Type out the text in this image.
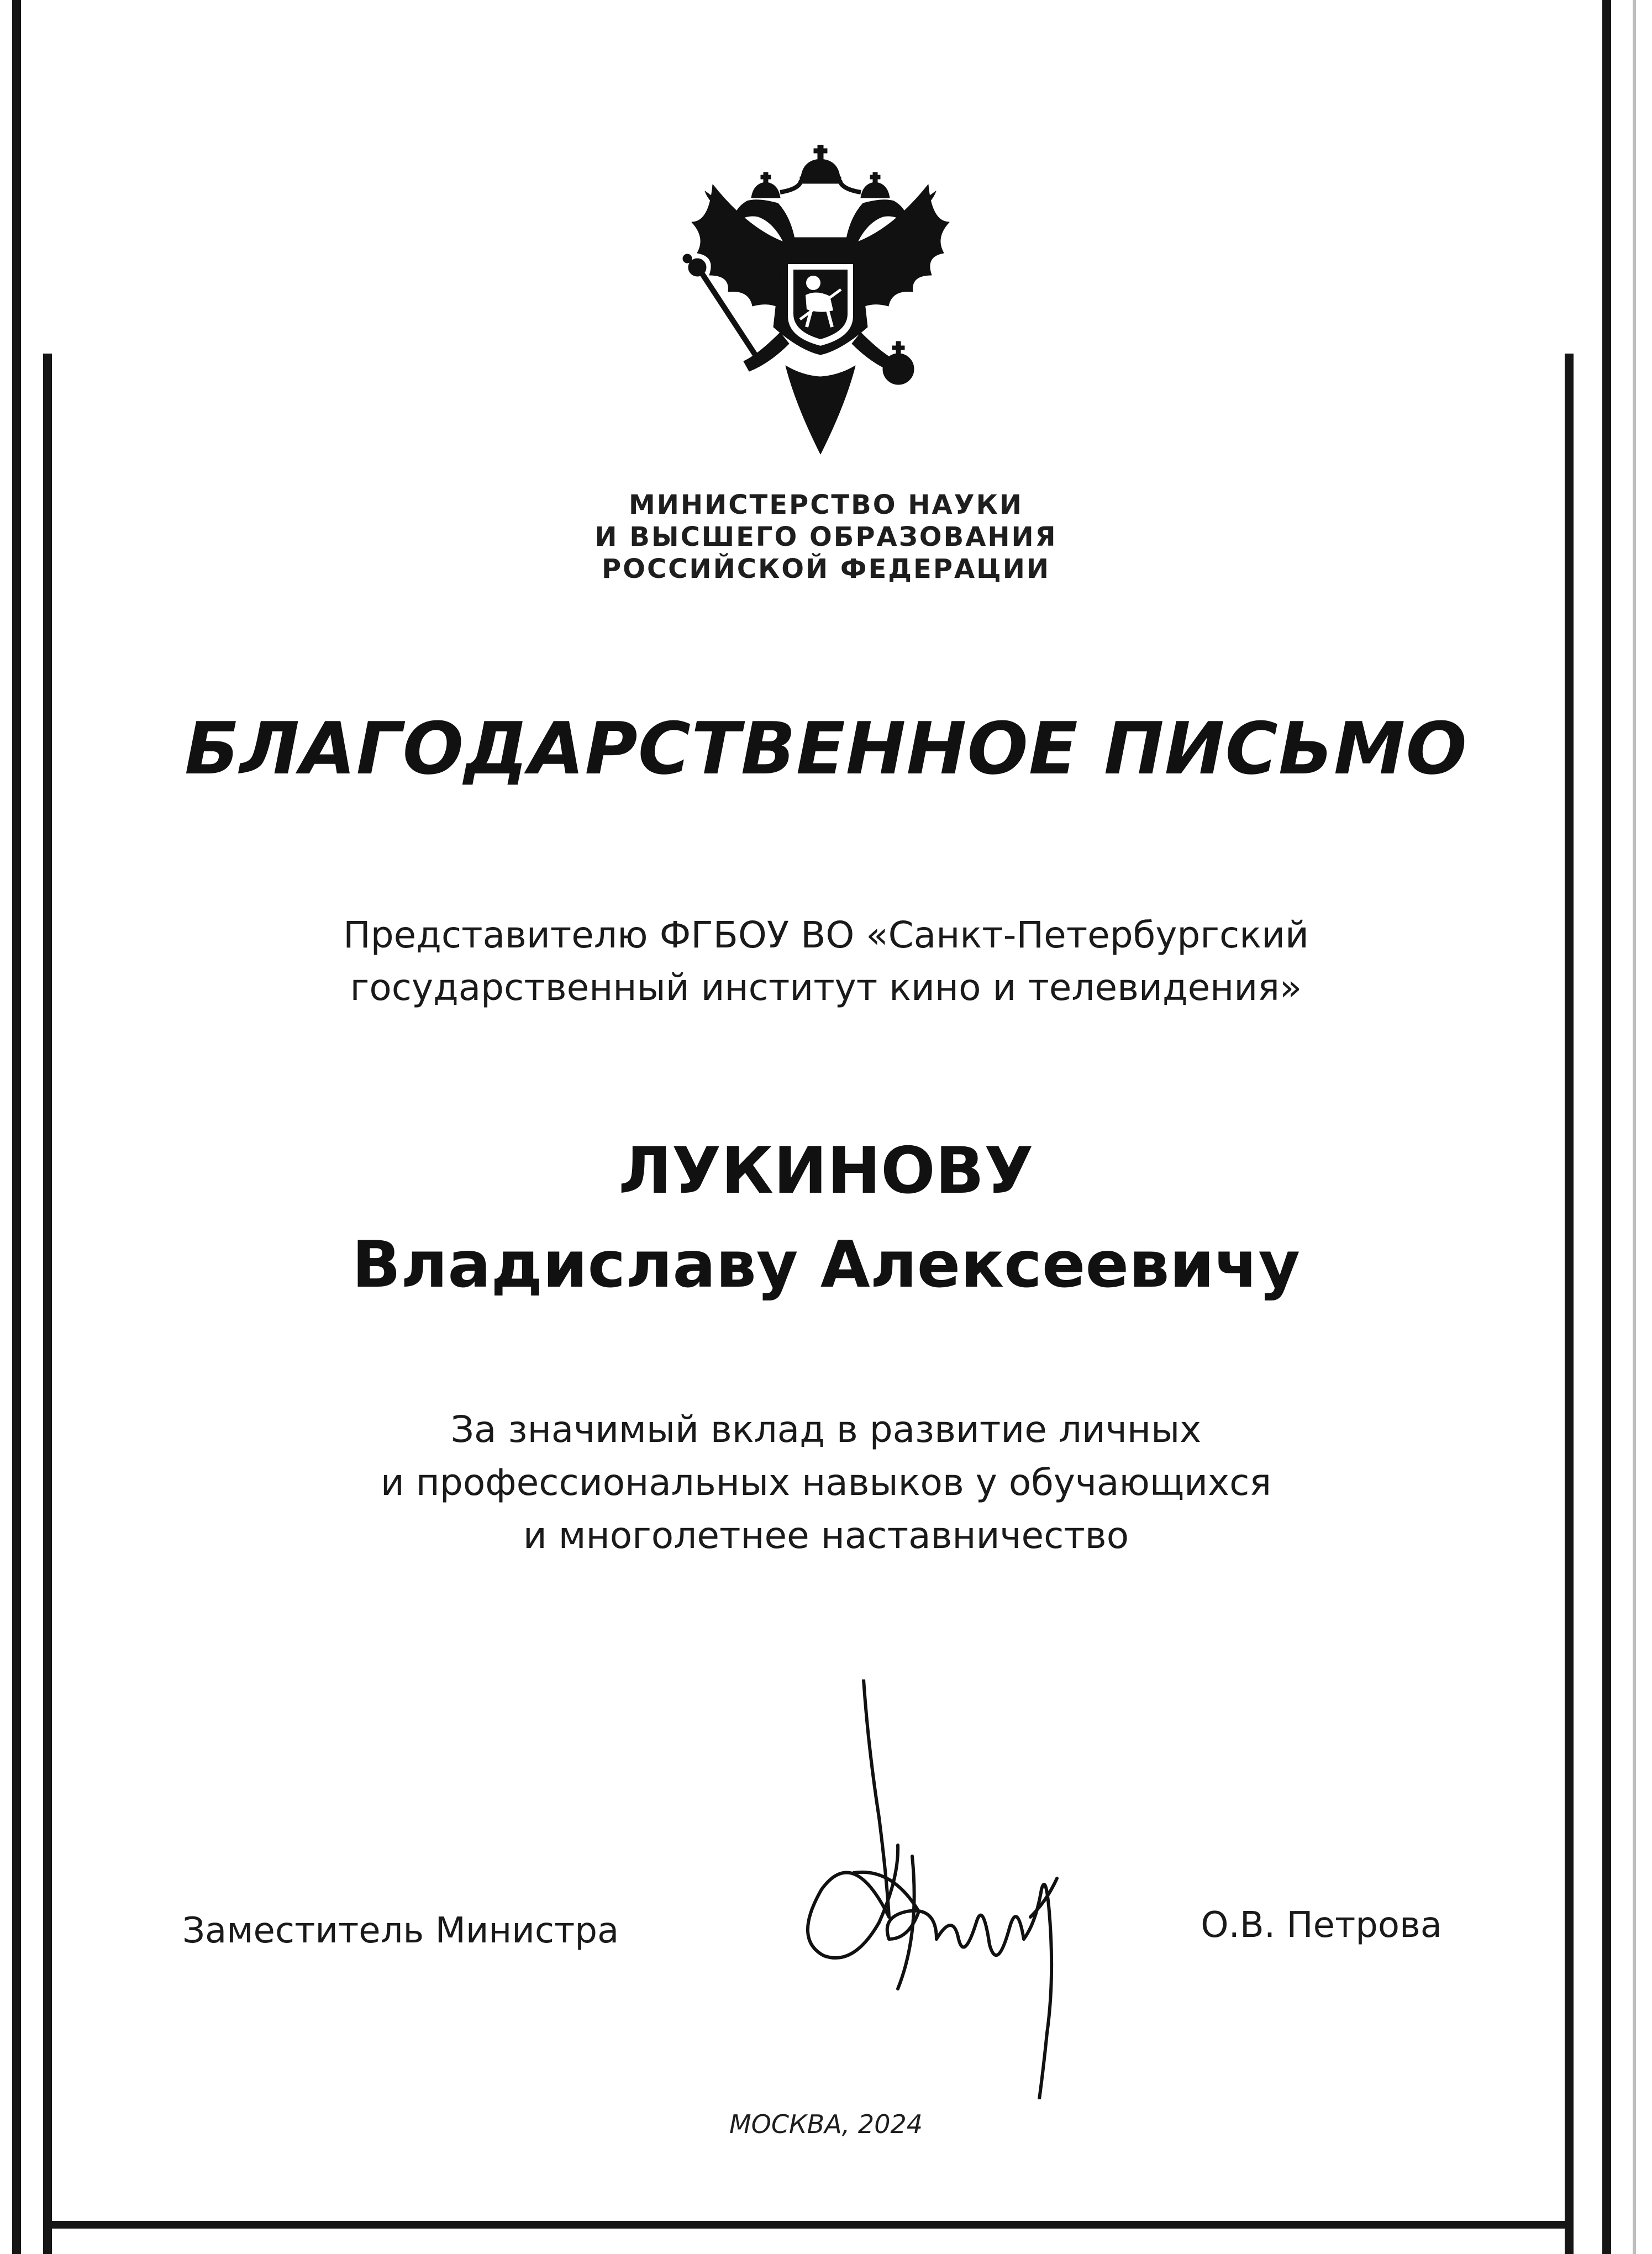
МИНИСТЕРСТВО НАУКИ
И ВЫСШЕГО ОБРАЗОВАНИЯ
РОССИЙСКОЙ ФЕДЕРАЦИИ
БЛАГОДАРСТВЕННОЕ ПИСЬМО
Представителю ФГБОУ ВО «Санкт-Петербургский
государственный институт кино и телевидения»
ЛУКИНОВУ
Владиславу Алексеевичу
За значимый вклад в развитие личных
и профессиональных навыков у обучающихся
и многолетнее наставничество
Заместитель Министра	О.В. Петрова
МОСКВА, 2024
